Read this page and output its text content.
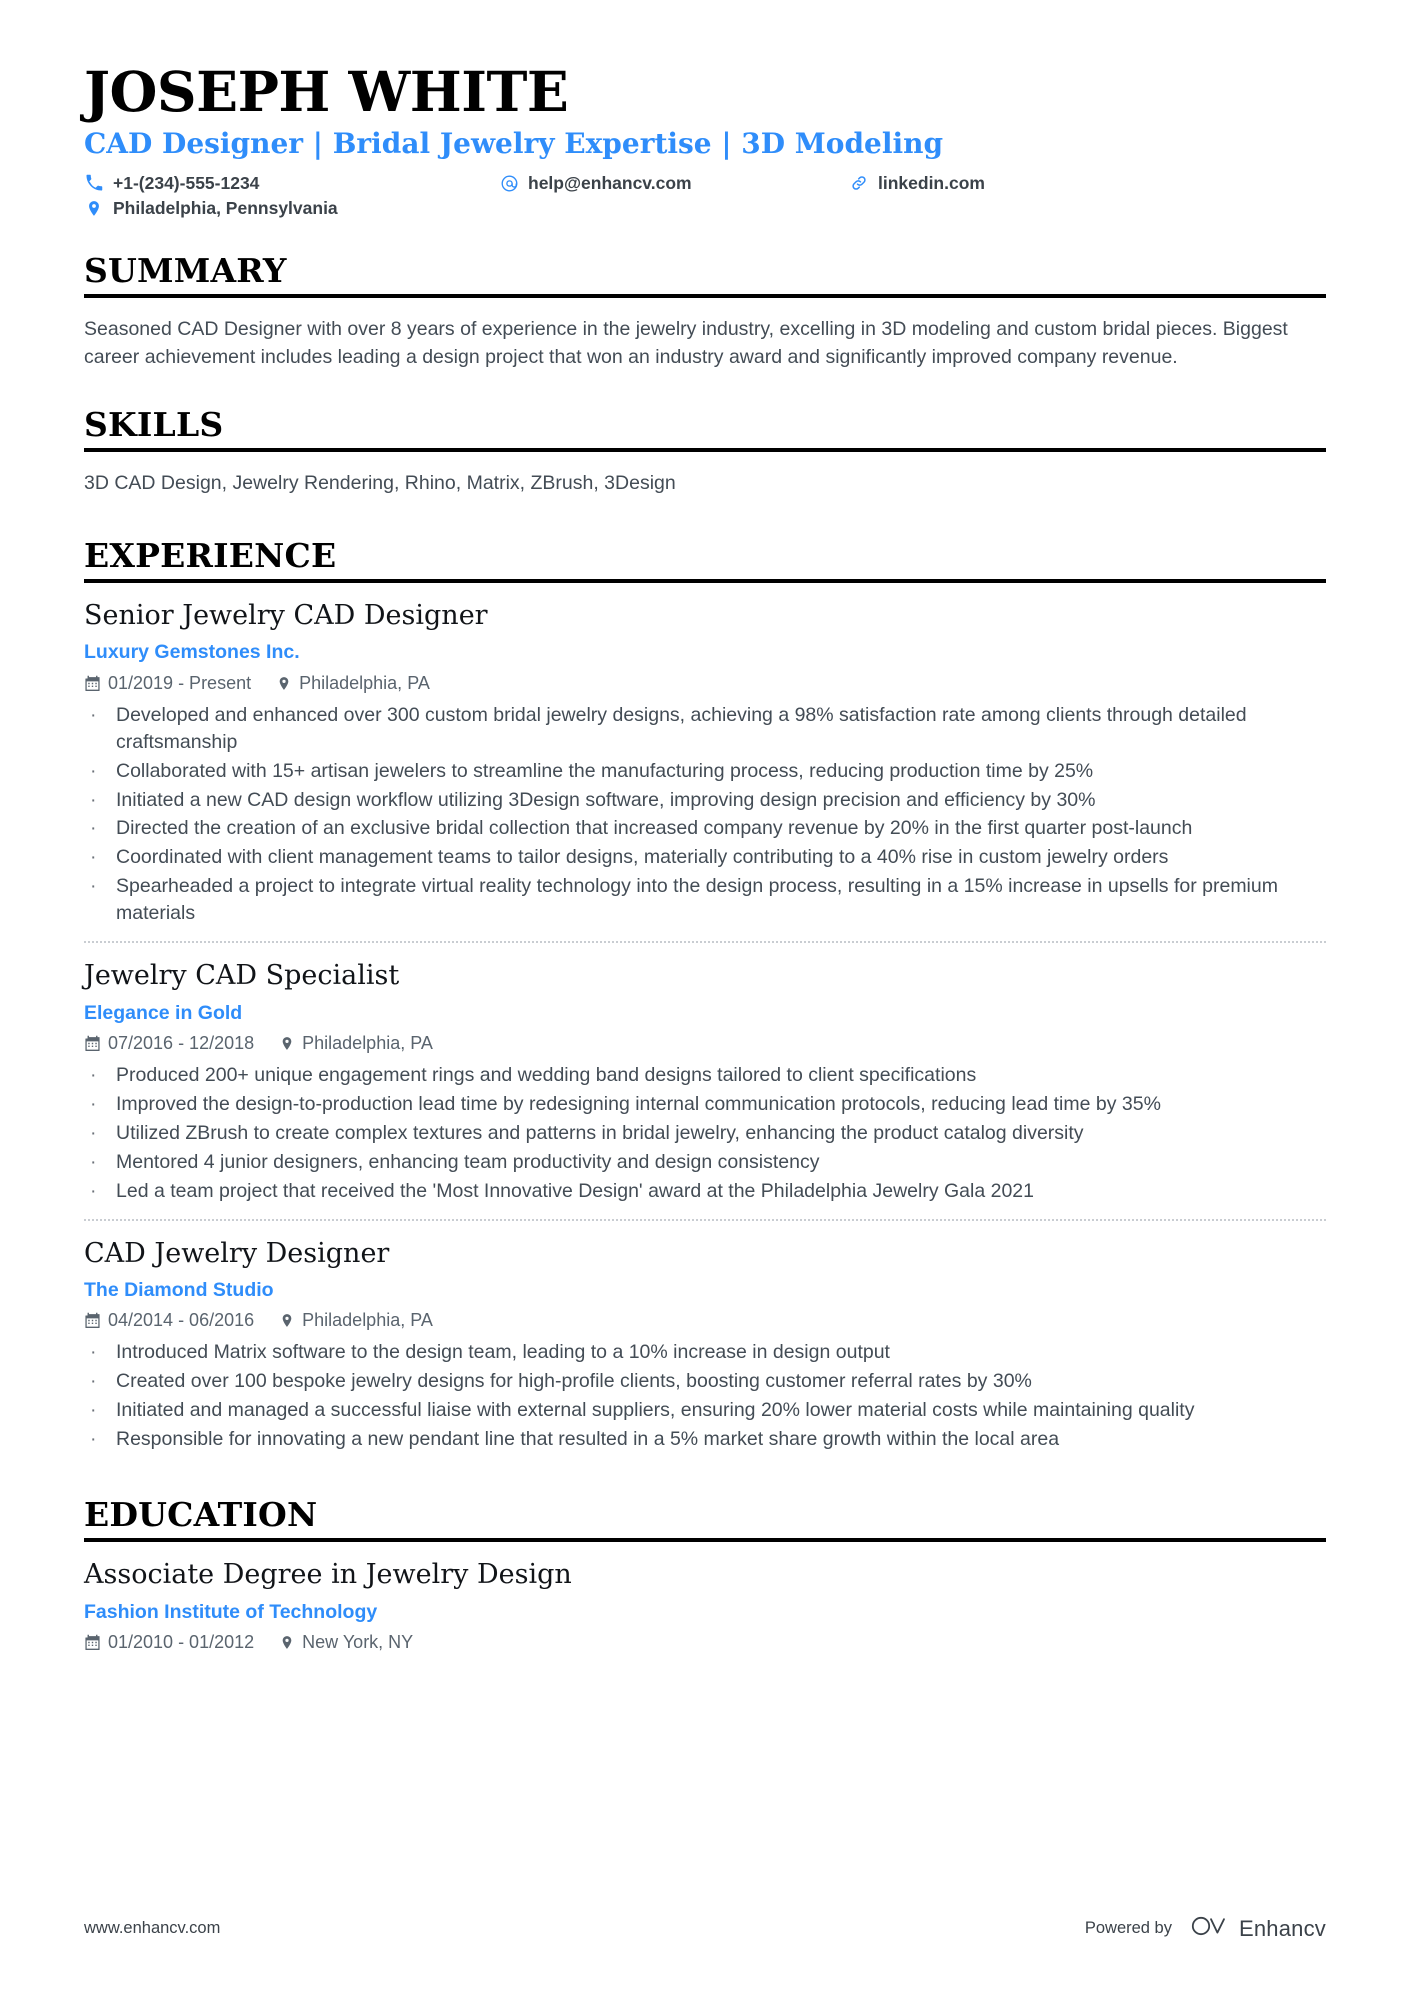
JOSEPH WHITE
CAD Designer | Bridal Jewelry Expertise | 3D Modeling
+1-(234)-555-1234	help@enhancv.com	linkedin.com
Philadelphia, Pennsylvania
SUMMARY
Seasoned CAD Designer with over 8 years of experience in the jewelry industry, excelling in 3D modeling and custom bridal pieces. Biggest career achievement includes leading a design project that won an industry award and significantly improved company revenue.
SKILLS
3D CAD Design, Jewelry Rendering, Rhino, Matrix, ZBrush, 3Design
EXPERIENCE
Senior Jewelry CAD Designer
Luxury Gemstones Inc.
01/2019 - Present	Philadelphia, PA
·	Developed and enhanced over 300 custom bridal jewelry designs, achieving a 98% satisfaction rate among clients through detailed craftsmanship
·	Collaborated with 15+ artisan jewelers to streamline the manufacturing process, reducing production time by 25%
·	Initiated a new CAD design workflow utilizing 3Design software, improving design precision and efficiency by 30%
·	Directed the creation of an exclusive bridal collection that increased company revenue by 20% in the first quarter post-launch
·	Coordinated with client management teams to tailor designs, materially contributing to a 40% rise in custom jewelry orders
·	Spearheaded a project to integrate virtual reality technology into the design process, resulting in a 15% increase in upsells for premium materials
Jewelry CAD Specialist
Elegance in Gold
07/2016 - 12/2018	Philadelphia, PA
·	Produced 200+ unique engagement rings and wedding band designs tailored to client specifications
·	Improved the design-to-production lead time by redesigning internal communication protocols, reducing lead time by 35%
·	Utilized ZBrush to create complex textures and patterns in bridal jewelry, enhancing the product catalog diversity
·	Mentored 4 junior designers, enhancing team productivity and design consistency
·	Led a team project that received the 'Most Innovative Design' award at the Philadelphia Jewelry Gala 2021
CAD Jewelry Designer
The Diamond Studio
04/2014 - 06/2016	Philadelphia, PA
·	Introduced Matrix software to the design team, leading to a 10% increase in design output
·	Created over 100 bespoke jewelry designs for high-profile clients, boosting customer referral rates by 30%
·	Initiated and managed a successful liaise with external suppliers, ensuring 20% lower material costs while maintaining quality
·	Responsible for innovating a new pendant line that resulted in a 5% market share growth within the local area
EDUCATION
Associate Degree in Jewelry Design
Fashion Institute of Technology
01/2010 - 01/2012	New York, NY
www.enhancv.com	Powered by	Enhancv
